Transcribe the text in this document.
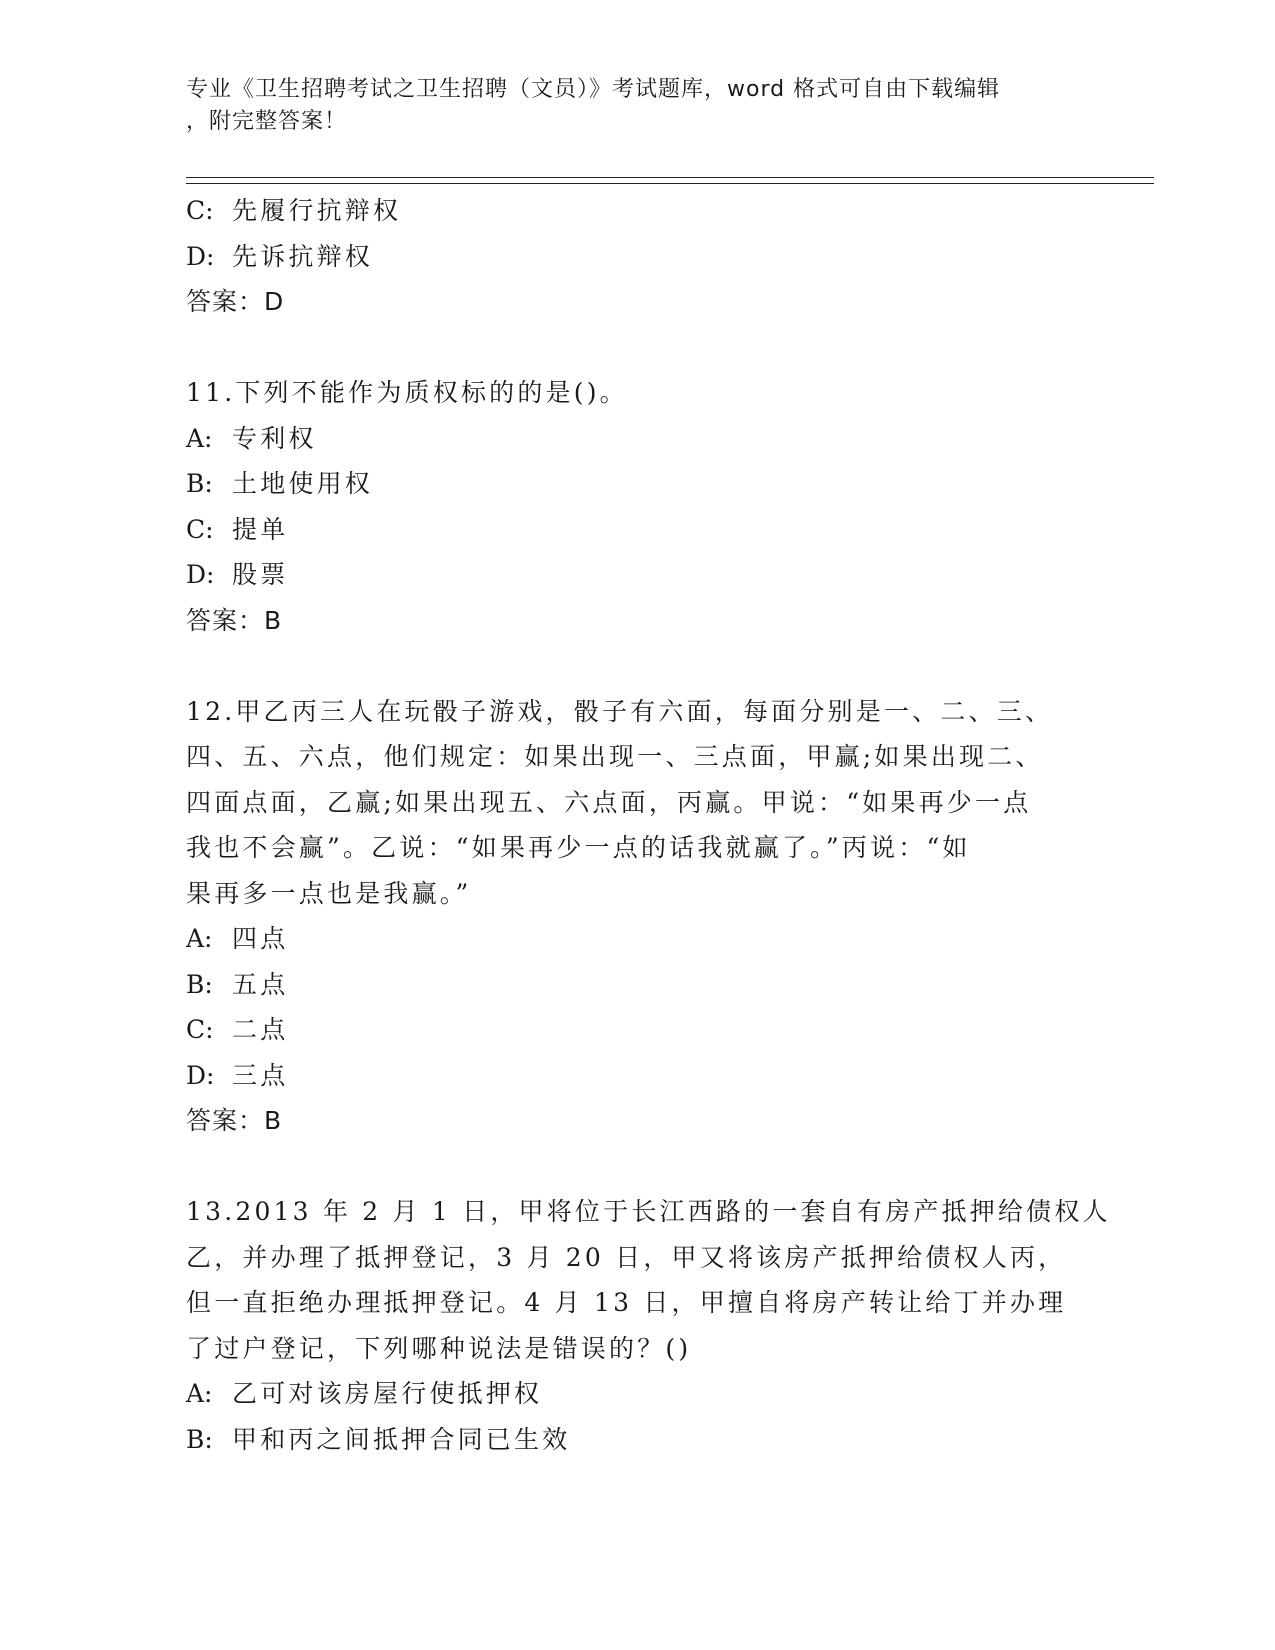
专业《卫生招聘考试之卫生招聘（文员）》考试题库，word 格式可自由下载编辑
，附完整答案！
C: 先履行抗辩权
D: 先诉抗辩权
答案：D
11.下列不能作为质权标的的是()。
A: 专利权
B: 土地使用权
C: 提单
D: 股票
答案：B
12.甲乙丙三人在玩骰子游戏，骰子有六面，每面分别是一、二、三、
四、五、六点，他们规定：如果出现一、三点面，甲赢;如果出现二、
四面点面，乙赢;如果出现五、六点面，丙赢。甲说：“如果再少一点
我也不会赢”。乙说：“如果再少一点的话我就赢了。”丙说：“如
果再多一点也是我赢。”
A: 四点
B: 五点
C: 二点
D: 三点
答案：B
13.2013 年 2 月 1 日，甲将位于长江西路的一套自有房产抵押给债权人
乙，并办理了抵押登记，3 月 20 日，甲又将该房产抵押给债权人丙，
但一直拒绝办理抵押登记。4 月 13 日，甲擅自将房产转让给丁并办理
了过户登记，下列哪种说法是错误的？()
A: 乙可对该房屋行使抵押权
B: 甲和丙之间抵押合同已生效
